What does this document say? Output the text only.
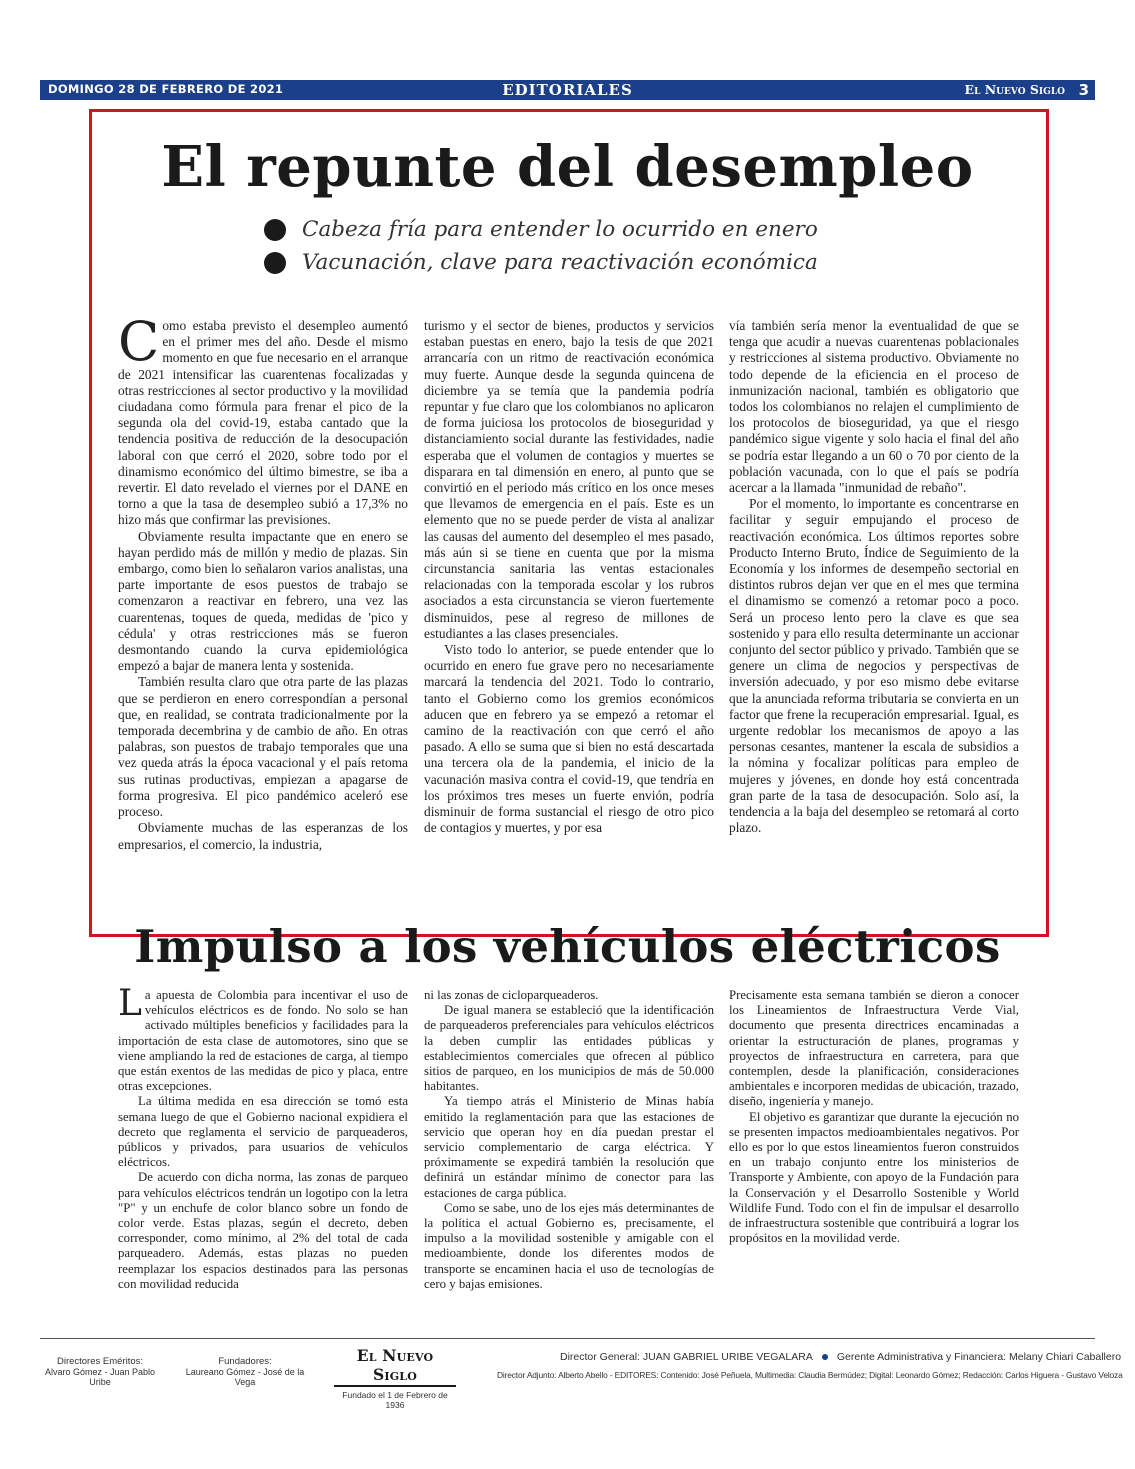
DOMINGO 28 DE FEBRERO DE 2021	EDITORIALES	El Nuevo Siglo 3
El repunte del desempleo
Cabeza fría para entender lo ocurrido en enero
Vacunación, clave para reactivación económica

Como estaba previsto el desempleo aumentó en el primer mes del año. Desde el mismo momento en que fue necesario en el arranque de 2021 intensificar las cuarentenas focalizadas y otras restricciones al sector productivo y la movilidad ciudadana como fórmula para frenar el pico de la segunda ola del covid-19, estaba cantado que la tendencia positiva de reducción de la desocupación laboral con que cerró el 2020, sobre todo por el dinamismo económico del último bimestre, se iba a revertir. El dato revelado el viernes por el DANE en torno a que la tasa de desempleo subió a 17,3% no hizo más que confirmar las previsiones.

Obviamente resulta impactante que en enero se hayan perdido más de millón y medio de plazas. Sin embargo, como bien lo señalaron varios analistas, una parte importante de esos puestos de trabajo se comenzaron a reactivar en febrero, una vez las cuarentenas, toques de queda, medidas de 'pico y cédula' y otras restricciones más se fueron desmontando cuando la curva epidemiológica empezó a bajar de manera lenta y sostenida.

También resulta claro que otra parte de las plazas que se perdieron en enero correspondían a personal que, en realidad, se contrata tradicionalmente por la temporada decembrina y de cambio de año. En otras palabras, son puestos de trabajo temporales que una vez queda atrás la época vacacional y el país retoma sus rutinas productivas, empiezan a apagarse de forma progresiva. El pico pandémico aceleró ese proceso.

Obviamente muchas de las esperanzas de los empresarios, el comercio, la industria,

turismo y el sector de bienes, productos y servicios estaban puestas en enero, bajo la tesis de que 2021 arrancaría con un ritmo de reactivación económica muy fuerte. Aunque desde la segunda quincena de diciembre ya se temía que la pandemia podría repuntar y fue claro que los colombianos no aplicaron de forma juiciosa los protocolos de bioseguridad y distanciamiento social durante las festividades, nadie esperaba que el volumen de contagios y muertes se disparara en tal dimensión en enero, al punto que se convirtió en el periodo más crítico en los once meses que llevamos de emergencia en el país. Este es un elemento que no se puede perder de vista al analizar las causas del aumento del desempleo el mes pasado, más aún si se tiene en cuenta que por la misma circunstancia sanitaria las ventas estacionales relacionadas con la temporada escolar y los rubros asociados a esta circunstancia se vieron fuertemente disminuidos, pese al regreso de millones de estudiantes a las clases presenciales.

Visto todo lo anterior, se puede entender que lo ocurrido en enero fue grave pero no necesariamente marcará la tendencia del 2021. Todo lo contrario, tanto el Gobierno como los gremios económicos aducen que en febrero ya se empezó a retomar el camino de la reactivación con que cerró el año pasado. A ello se suma que si bien no está descartada una tercera ola de la pandemia, el inicio de la vacunación masiva contra el covid-19, que tendría en los próximos tres meses un fuerte envión, podría disminuir de forma sustancial el riesgo de otro pico de contagios y muertes, y por esa

vía también sería menor la eventualidad de que se tenga que acudir a nuevas cuarentenas poblacionales y restricciones al sistema productivo. Obviamente no todo depende de la eficiencia en el proceso de inmunización nacional, también es obligatorio que todos los colombianos no relajen el cumplimiento de los protocolos de bioseguridad, ya que el riesgo pandémico sigue vigente y solo hacia el final del año se podría estar llegando a un 60 o 70 por ciento de la población vacunada, con lo que el país se podría acercar a la llamada "inmunidad de rebaño".

Por el momento, lo importante es concentrarse en facilitar y seguir empujando el proceso de reactivación económica. Los últimos reportes sobre Producto Interno Bruto, Índice de Seguimiento de la Economía y los informes de desempeño sectorial en distintos rubros dejan ver que en el mes que termina el dinamismo se comenzó a retomar poco a poco. Será un proceso lento pero la clave es que sea sostenido y para ello resulta determinante un accionar conjunto del sector público y privado. También que se genere un clima de negocios y perspectivas de inversión adecuado, y por eso mismo debe evitarse que la anunciada reforma tributaria se convierta en un factor que frene la recuperación empresarial. Igual, es urgente redoblar los mecanismos de apoyo a las personas cesantes, mantener la escala de subsidios a la nómina y focalizar políticas para empleo de mujeres y jóvenes, en donde hoy está concentrada gran parte de la tasa de desocupación. Solo así, la tendencia a la baja del desempleo se retomará al corto plazo.

Impulso a los vehículos eléctricos

La apuesta de Colombia para incentivar el uso de vehículos eléctricos es de fondo. No solo se han activado múltiples beneficios y facilidades para la importación de esta clase de automotores, sino que se viene ampliando la red de estaciones de carga, al tiempo que están exentos de las medidas de pico y placa, entre otras excepciones.

La última medida en esa dirección se tomó esta semana luego de que el Gobierno nacional expidiera el decreto que reglamenta el servicio de parqueaderos, públicos y privados, para usuarios de vehículos eléctricos.

De acuerdo con dicha norma, las zonas de parqueo para vehículos eléctricos tendrán un logotipo con la letra "P" y un enchufe de color blanco sobre un fondo de color verde. Estas plazas, según el decreto, deben corresponder, como mínimo, al 2% del total de cada parqueadero. Además, estas plazas no pueden reemplazar los espacios destinados para las personas con movilidad reducida

ni las zonas de cicloparqueaderos.

De igual manera se estableció que la identificación de parqueaderos preferenciales para vehículos eléctricos la deben cumplir las entidades públicas y establecimientos comerciales que ofrecen al público sitios de parqueo, en los municipios de más de 50.000 habitantes.

Ya tiempo atrás el Ministerio de Minas había emitido la reglamentación para que las estaciones de servicio que operan hoy en día puedan prestar el servicio complementario de carga eléctrica. Y próximamente se expedirá también la resolución que definirá un estándar mínimo de conector para las estaciones de carga pública.

Como se sabe, uno de los ejes más determinantes de la política el actual Gobierno es, precisamente, el impulso a la movilidad sostenible y amigable con el medioambiente, donde los diferentes modos de transporte se encaminen hacia el uso de tecnologías de cero y bajas emisiones.

Precisamente esta semana también se dieron a conocer los Lineamientos de Infraestructura Verde Vial, documento que presenta directrices encaminadas a orientar la estructuración de planes, programas y proyectos de infraestructura en carretera, para que contemplen, desde la planificación, consideraciones ambientales e incorporen medidas de ubicación, trazado, diseño, ingeniería y manejo.

El objetivo es garantizar que durante la ejecución no se presenten impactos medioambientales negativos. Por ello es por lo que estos lineamientos fueron construidos en un trabajo conjunto entre los ministerios de Transporte y Ambiente, con apoyo de la Fundación para la Conservación y el Desarrollo Sostenible y World Wildlife Fund. Todo con el fin de impulsar el desarrollo de infraestructura sostenible que contribuirá a lograr los propósitos en la movilidad verde.

Directores Eméritos:
Alvaro Gómez - Juan Pablo Uribe
Fundadores:
Laureano Gómez - José de la Vega
El Nuevo Siglo
Fundado el 1 de Febrero de 1936
Director General: JUAN GABRIEL URIBE VEGALARA Gerente Administrativa y Financiera: Melany Chiari Caballero
Director Adjunto: Alberto Abello - EDITORES: Contenido: José Peñuela, Multimedia: Claudia Bermúdez; Digital: Leonardo Gómez; Redacción: Carlos Higuera - Gustavo Veloza
